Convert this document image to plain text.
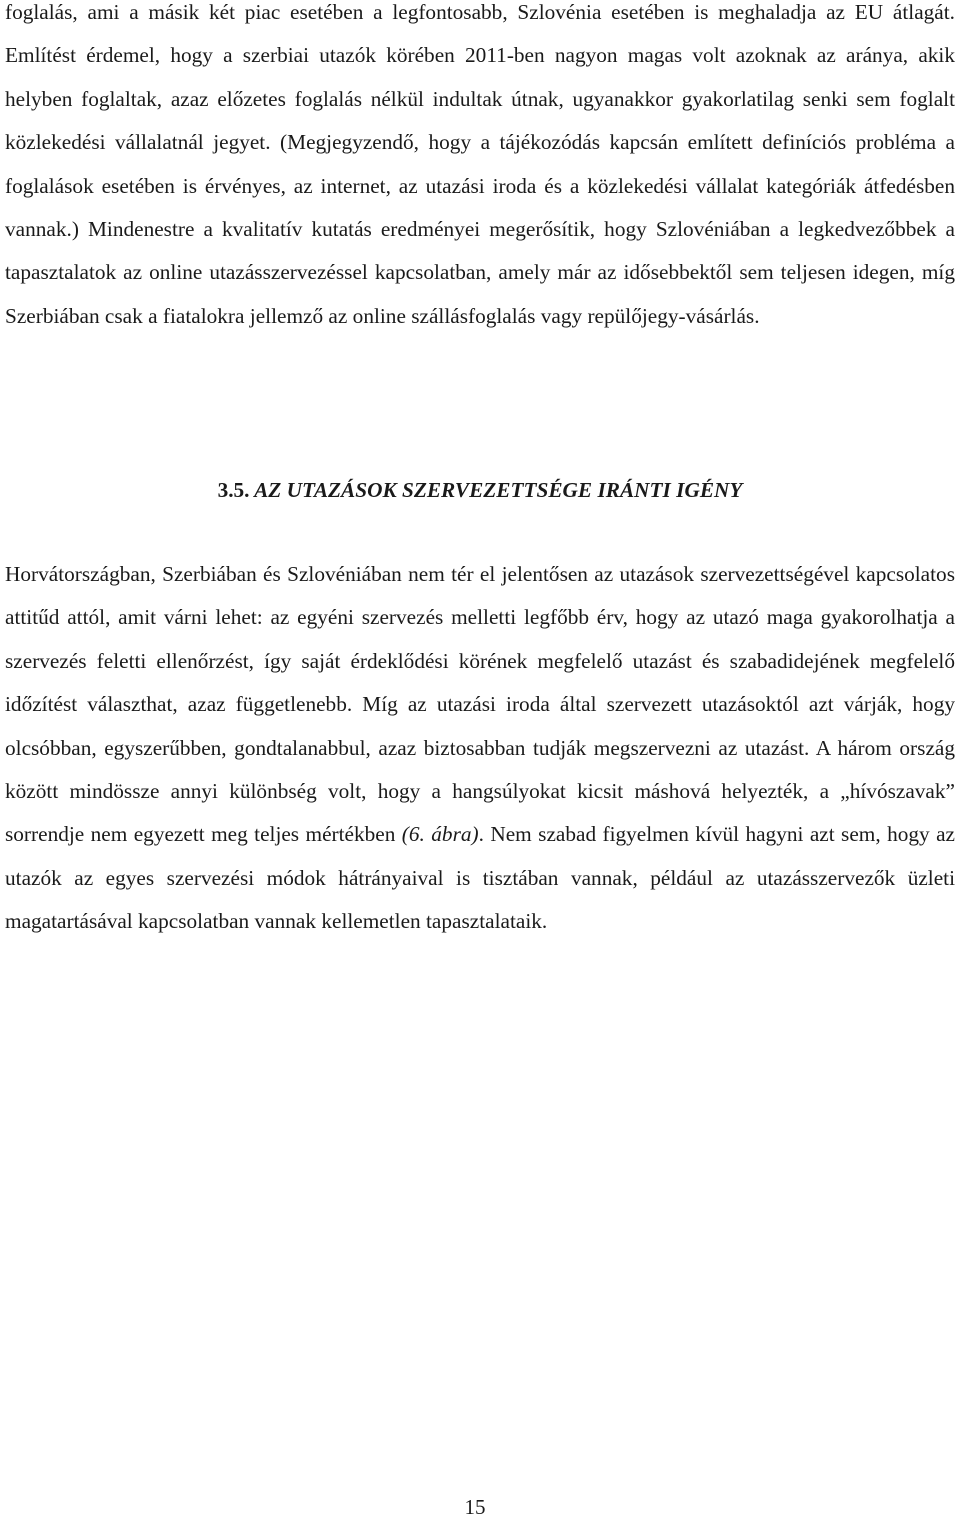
foglalás, ami a másik két piac esetében a legfontosabb, Szlovénia esetében is meghaladja az EU átlagát. Említést érdemel, hogy a szerbiai utazók körében 2011-ben nagyon magas volt azoknak az aránya, akik helyben foglaltak, azaz előzetes foglalás nélkül indultak útnak, ugyanakkor gyakorlatilag senki sem foglalt közlekedési vállalatnál jegyet. (Megjegyzendő, hogy a tájékozódás kapcsán említett definíciós probléma a foglalások esetében is érvényes, az internet, az utazási iroda és a közlekedési vállalat kategóriák átfedésben vannak.) Mindenestre a kvalitatív kutatás eredményei megerősítik, hogy Szlovéniában a legkedvezőbbek a tapasztalatok az online utazásszervezéssel kapcsolatban, amely már az idősebbektől sem teljesen idegen, míg Szerbiában csak a fiatalokra jellemző az online szállásfoglalás vagy repülőjegy-vásárlás.

3.5. AZ UTAZÁSOK SZERVEZETTSÉGE IRÁNTI IGÉNY

Horvátországban, Szerbiában és Szlovéniában nem tér el jelentősen az utazások szervezettségével kapcsolatos attitűd attól, amit várni lehet: az egyéni szervezés melletti legfőbb érv, hogy az utazó maga gyakorolhatja a szervezés feletti ellenőrzést, így saját érdeklődési körének megfelelő utazást és szabadidejének megfelelő időzítést választhat, azaz függetlenebb. Míg az utazási iroda által szervezett utazásoktól azt várják, hogy olcsóbban, egyszerűbben, gondtalanabbul, azaz biztosabban tudják megszervezni az utazást. A három ország között mindössze annyi különbség volt, hogy a hangsúlyokat kicsit máshová helyezték, a „hívószavak” sorrendje nem egyezett meg teljes mértékben (6. ábra). Nem szabad figyelmen kívül hagyni azt sem, hogy az utazók az egyes szervezési módok hátrányaival is tisztában vannak, például az utazásszervezők üzleti magatartásával kapcsolatban vannak kellemetlen tapasztalataik.

15
